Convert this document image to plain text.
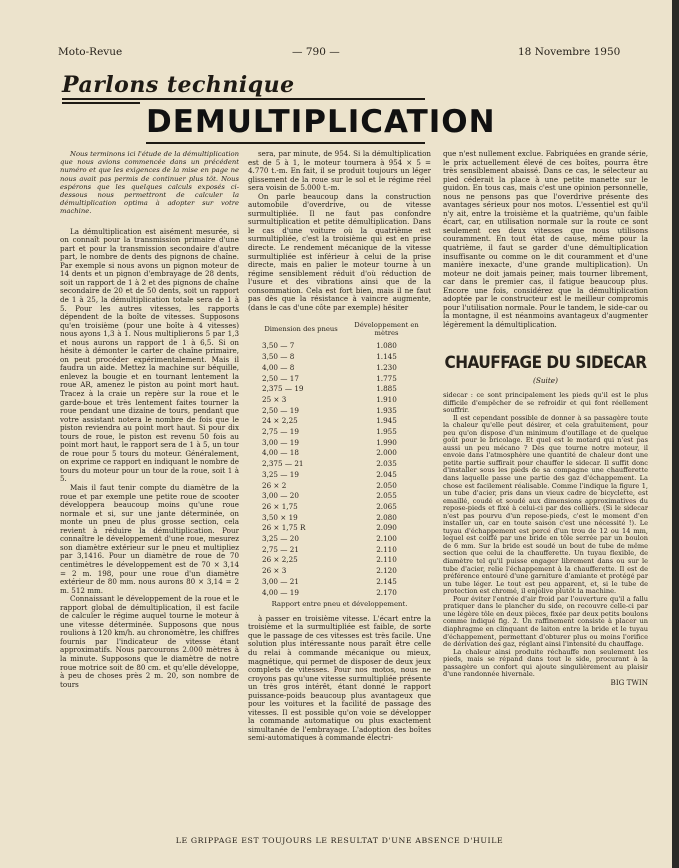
Moto-Revue	— 790 —	18 Novembre 1950
Parlons technique
DEMULTIPLICATION

Nous terminons ici l'étude de la démultiplication que nous avions commencée dans un précédent numéro et que les exigences de la mise en page ne nous avait pas permis de continuer plus tôt. Nous espérons que les quelques calculs exposés ci-dessous nous permettront de calculer la démultiplication optima à adopter sur votre machine.

La démultiplication est aisément mesurée, si on connaît pour la transmission primaire d'une part et pour la transmission secondaire d'autre part, le nombre de dents des pignons de chaîne. Par exemple si nous avons un pignon moteur de 14 dents et un pignon d'embrayage de 28 dents, soit un rapport de 1 à 2 et des pignons de chaîne secondaire de 20 et de 50 dents, soit un rapport de 1 à 25, la démultiplication totale sera de 1 à 5. Pour les autres vitesses, les rapports dépendent de la boîte de vitesses. Supposons qu'en troisième (pour une boîte à 4 vitesses) nous ayons 1,3 à 1. Nous multiplierons 5 par 1,3 et nous aurons un rapport de 1 à 6,5. Si on hésite à démonter le carter de chaîne primaire, on peut procéder expérimentalement. Mais il faudra un aide. Mettez la machine sur béquille, enlevez la bougie et en tournant lentement la roue AR, amenez le piston au point mort haut. Tracez à la craie un repère sur la roue et le garde-boue et très lentement faites tourner la roue pendant une dizaine de tours, pendant que votre assistant notera le nombre de fois que le piston reviendra au point mort haut. Si pour dix tours de roue, le piston est revenu 50 fois au point mort haut, le rapport sera de 1 à 5, un tour de roue pour 5 tours du moteur. Généralement, on exprime ce rapport en indiquant le nombre de tours du moteur pour un tour de la roue, soit 1 à 5.

Mais il faut tenir compte du diamètre de la roue et par exemple une petite roue de scooter développera beaucoup moins qu'une roue normale et si, sur une jante déterminée, on monte un pneu de plus grosse section, cela revient à réduire la démultiplication. Pour connaître le développement d'une roue, mesurez son diamètre extérieur sur le pneu et multipliez par 3,1416. Pour un diamètre de roue de 70 centimètres le développement est de 70 × 3,14 = 2 m. 198, pour une roue d'un diamètre extérieur de 80 mm. nous aurons 80 × 3,14 = 2 m. 512 mm.

Connaissant le développement de la roue et le rapport global de démultiplication, il est facile de calculer le régime auquel tourne le moteur à une vitesse déterminée. Supposons que nous roulions à 120 km/h. au chronomètre, les chiffres fournis par l'indicateur de vitesse étant approximatifs. Nous parcourons 2.000 mètres à la minute. Supposons que le diamètre de notre roue motrice soit de 80 cm. et qu'elle développe, à peu de choses près 2 m. 20, son nombre de tours

sera, par minute, de 954. Si la démultiplication est de 5 à 1, le moteur tournera à 954 × 5 = 4.770 t.-m. En fait, il se produit toujours un léger glissement de la roue sur le sol et le régime réel sera voisin de 5.000 t.-m.

On parle beaucoup dans la construction automobile d'overdrive, ou de vitesse surmultipliée. Il ne faut pas confondre surmultiplication et petite démultiplication. Dans le cas d'une voiture où la quatrième est surmultipliée, c'est la troisième qui est en prise directe. Le rendement mécanique de la vitesse surmultipliée est inférieur à celui de la prise directe, mais en palier le moteur tourne à un régime sensiblement réduit d'où réduction de l'usure et des vibrations ainsi que de la consommation. Cela est fort bien, mais il ne faut pas dès que la résistance à vaincre augmente, (dans le cas d'une côte par exemple) hésiter

Dimension des pneus	Développement en mètres
3,50 — 7	1.080
3,50 — 8	1.145
4,00 — 8	1.230
2,50 — 17	1.775
2,375 — 19	1.885
25 × 3	1.910
2,50 — 19	1.935
24 × 2,25	1.945
2,75 — 19	1.955
3,00 — 19	1.990
4,00 — 18	2.000
2,375 — 21	2.035
3,25 — 19	2.045
26 × 2	2.050
3,00 — 20	2.055
26 × 1,75	2.065
3,50 × 19	2.080
26 × 1,75 R	2.090
3,25 — 20	2.100
2,75 — 21	2.110
26 × 2,25	2.110
26 × 3	2.120
3,00 — 21	2.145
4,00 — 19	2.170
Rapport entre pneu et développement.

à passer en troisième vitesse. L'écart entre la troisième et la surmultipliée est faible, de sorte que le passage de ces vitesses est très facile. Une solution plus intéressante nous paraît être celle du relai à commande mécanique ou mieux, magnétique, qui permet de disposer de deux jeux complets de vitesses. Pour nos motos, nous ne croyons pas qu'une vitesse surmultipliée présente un très gros intérêt, étant donné le rapport puissance-poids beaucoup plus avantageux que pour les voitures et la facilité de passage des vitesses. Il est possible qu'on voie se développer la commande automatique ou plus exactement simultanée de l'embrayage. L'adoption des boîtes semi-automatiques à commande électri-

que n'est nullement exclue. Fabriquées en grande série, le prix actuellement élevé de ces boîtes, pourra être très sensiblement abaissé. Dans ce cas, le sélecteur au pied céderait la place à une petite manette sur le guidon. En tous cas, mais c'est une opinion personnelle, nous ne pensons pas que l'overdrive présente des avantages sérieux pour nos motos. L'essentiel est qu'il n'y ait, entre la troisième et la quatrième, qu'un faible écart, car, en utilisation normale sur la route ce sont seulement ces deux vitesses que nous utilisons couramment. En tout état de cause, même pour la quatrième, il faut se garder d'une démultiplication insuffisante ou comme on le dit couramment et d'une manière inexacte, d'une grande multiplication). Un moteur ne doit jamais peiner, mais tourner librement, car dans le premier cas, il fatigue beaucoup plus. Encore une fois, considérez que la démultiplication adoptée par le constructeur est le meilleur compromis pour l'utilisation normale. Pour le tandem, le side-car ou la montagne, il est néanmoins avantageux d'augmenter légèrement la démultiplication.

CHAUFFAGE DU SIDECAR
(Suite)

sidecar : ce sont principalement les pieds qu'il est le plus difficile d'empêcher de se refroidir et qui font réellement souffrir.

Il est cependant possible de donner à sa passagère toute la chaleur qu'elle peut désirer, et cela gratuitement, pour peu qu'on dispose d'un minimum d'outillage et de quelque goût pour le bricolage. Et quel est le motard qui n'est pas aussi un peu mécano ? Dès que tourne notre moteur, il envoie dans l'atmosphère une quantité de chaleur dont une petite partie suffirait pour chauffer le sidecar. Il suffit donc d'installer sous les pieds de sa compagne une chaufferette dans laquelle passe une partie des gaz d'échappement. La chose est facilement réalisable. Comme l'indique la figure 1, un tube d'acier, pris dans un vieux cadre de bicyclette, est emaillé, coudé et soudé aux dimensions approximatives du repose-pieds et fixé à celui-ci par des colliers. (Si le sidecar n'est pas pourvu d'un repose-pieds, c'est le moment d'en installer un, car en toute saison c'est une nécessité !). Le tuyau d'échappement est percé d'un trou de 12 ou 14 mm, lequel est coiffé par une bride en tôle serrée par un boulon de 6 mm. Sur la bride est soudé un bout de tube de même section que celui de la chaufferette. Un tuyau flexible, de diamètre tel qu'il puisse engager librement dans ou sur le tube d'acier, relie l'échappement à la chaufferette. Il est de préférence entouré d'une garniture d'amiante et protégé par un tube léger. Le tout est peu apparent, et, si le tube de protection est chromé, il enjolive plutôt la machine.

Pour éviter l'entrée d'air froid par l'ouverture qu'il a fallu pratiquer dans le plancher du side, on recouvre celle-ci par une légère tôle en deux pièces, fixée par deux petits boulons comme indiqué fig. 2. Un raffinement consiste à placer un diaphragme en clinquant de laiton entre la bride et le tuyau d'échappement, permettant d'obturer plus ou moins l'orifice de dérivation des gaz, réglant ainsi l'intensité du chauffage.

La chaleur ainsi produite réchauffe non seulement les pieds, mais se répand dans tout le side, procurant à la passagère un confort qui ajoute singulièrement au plaisir d'une randonnée hivernale.

BIG TWIN
LE GRIPPAGE EST TOUJOURS LE RESULTAT D'UNE ABSENCE D'HUILE
